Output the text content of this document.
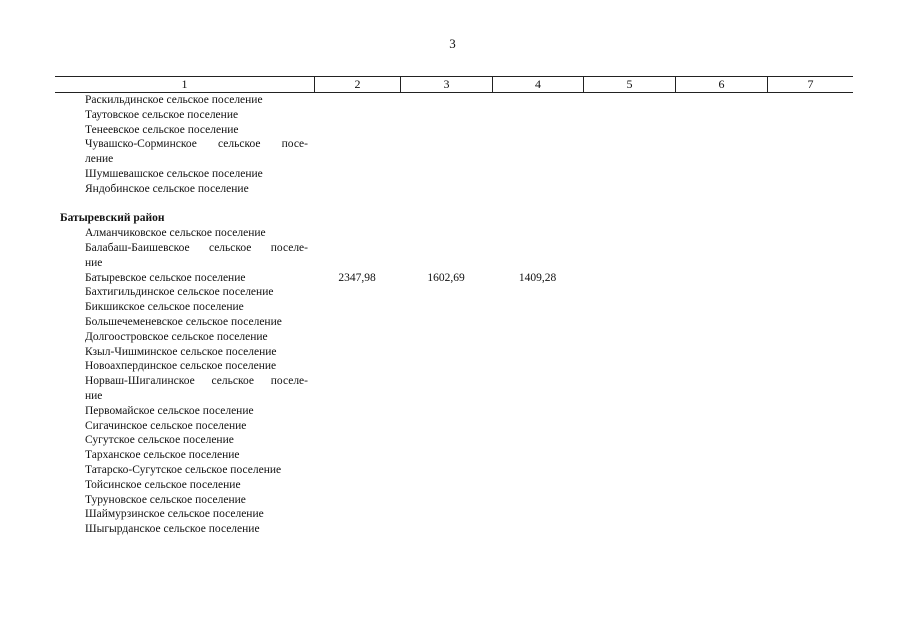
3
1	2	3	4	5	6	7
Раскильдинское сельское поселение
Таутовское сельское поселение
Тенеевское сельское поселение
Чувашско-Сорминское сельское посе-
ление
Шумшевашское сельское поселение
Яндобинское сельское поселение
Батыревский район
Алманчиковское сельское поселение
Балабаш-Баишевское сельское поселе-
ние
Батыревское сельское поселение	2347,98	1602,69	1409,28
Бахтигильдинское сельское поселение
Бикшикское сельское поселение
Большечеменевское сельское поселение
Долгоостровское сельское поселение
Кзыл-Чишминское сельское поселение
Новоахпердинское сельское поселение
Норваш-Шигалинское сельское поселе-
ние
Первомайское сельское поселение
Сигачинское сельское поселение
Сугутское сельское поселение
Тарханское сельское поселение
Татарско-Сугутское сельское поселение
Тойсинское сельское поселение
Туруновское сельское поселение
Шаймурзинское сельское поселение
Шыгырданское сельское поселение
